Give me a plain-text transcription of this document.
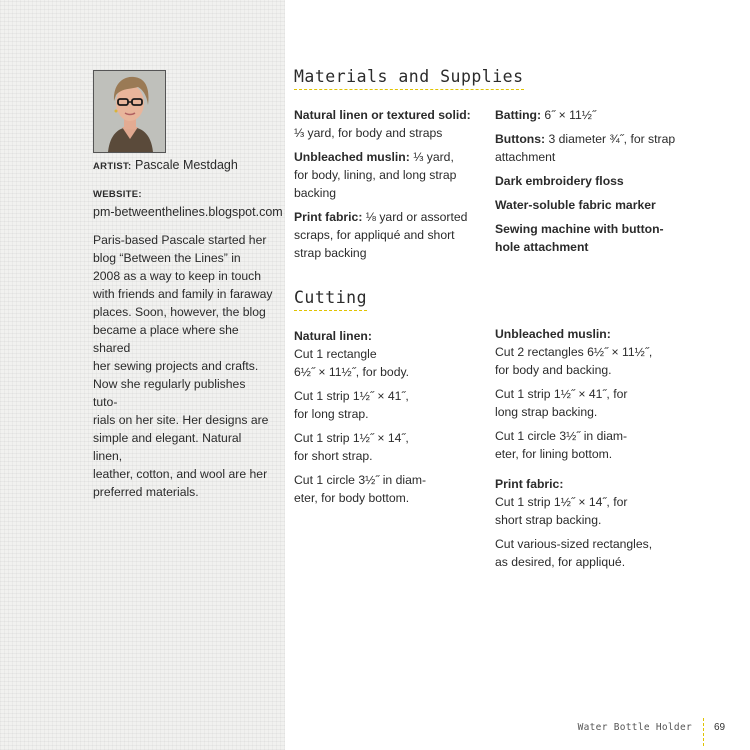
ARTIST: Pascale Mestdagh
WEBSITE:
pm-betweenthelines.blogspot.com
Paris-based Pascale started her
blog “Between the Lines” in
2008 as a way to keep in touch
with friends and family in faraway
places. Soon, however, the blog
became a place where she shared
her sewing projects and crafts.
Now she regularly publishes tuto-
rials on her site. Her designs are
simple and elegant. Natural linen,
leather, cotton, and wool are her
preferred materials.
Materials and Supplies

Natural linen or textured solid:
⅓ yard, for body and straps

Unbleached muslin: ⅓ yard,
for body, lining, and long strap
backing

Print fabric: ⅛ yard or assorted
scraps, for appliqué and short
strap backing

Batting: 6˝ × 11½˝

Buttons: 3 diameter ¾˝, for strap
attachment

Dark embroidery floss

Water-soluble fabric marker

Sewing machine with button-
hole attachment

Cutting
Natural linen:

Cut 1 rectangle
6½˝ × 11½˝, for body.

Cut 1 strip 1½˝ × 41˝,
for long strap.

Cut 1 strip 1½˝ × 14˝,
for short strap.

Cut 1 circle 3½˝ in diam-
eter, for body bottom.

Unbleached muslin:

Cut 2 rectangles 6½˝ × 11½˝,
for body and backing.

Cut 1 strip 1½˝ × 41˝, for
long strap backing.

Cut 1 circle 3½˝ in diam-
eter, for lining bottom.

Print fabric:

Cut 1 strip 1½˝ × 14˝, for
short strap backing.

Cut various-sized rectangles,
as desired, for appliqué.

Water Bottle Holder 69
